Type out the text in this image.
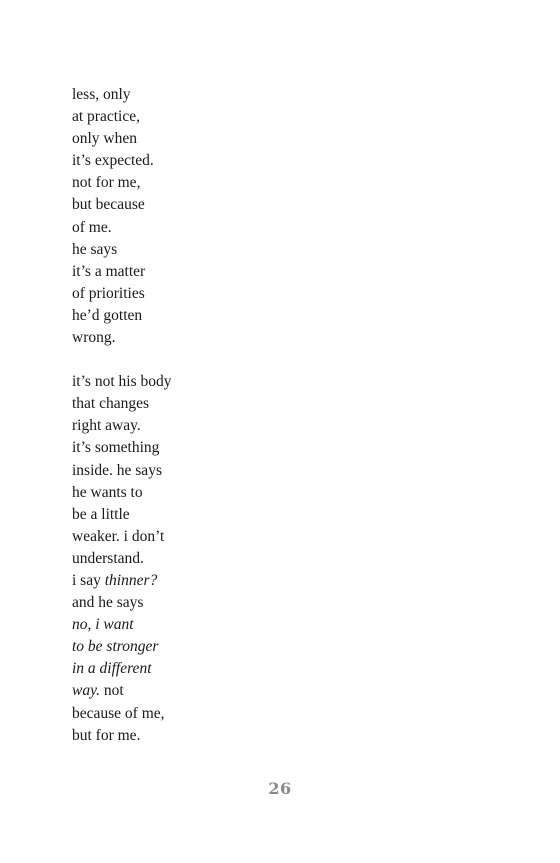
less, only
at practice,
only when
it’s expected.
not for me,
but because
of me.
he says
it’s a matter
of priorities
he’d gotten
wrong.
it’s not his body
that changes
right away.
it’s something
inside. he says
he wants to
be a little
weaker. i don’t
understand.
i say thinner?
and he says
no, i want
to be stronger
in a different
way. not
because of me,
but for me.
26
